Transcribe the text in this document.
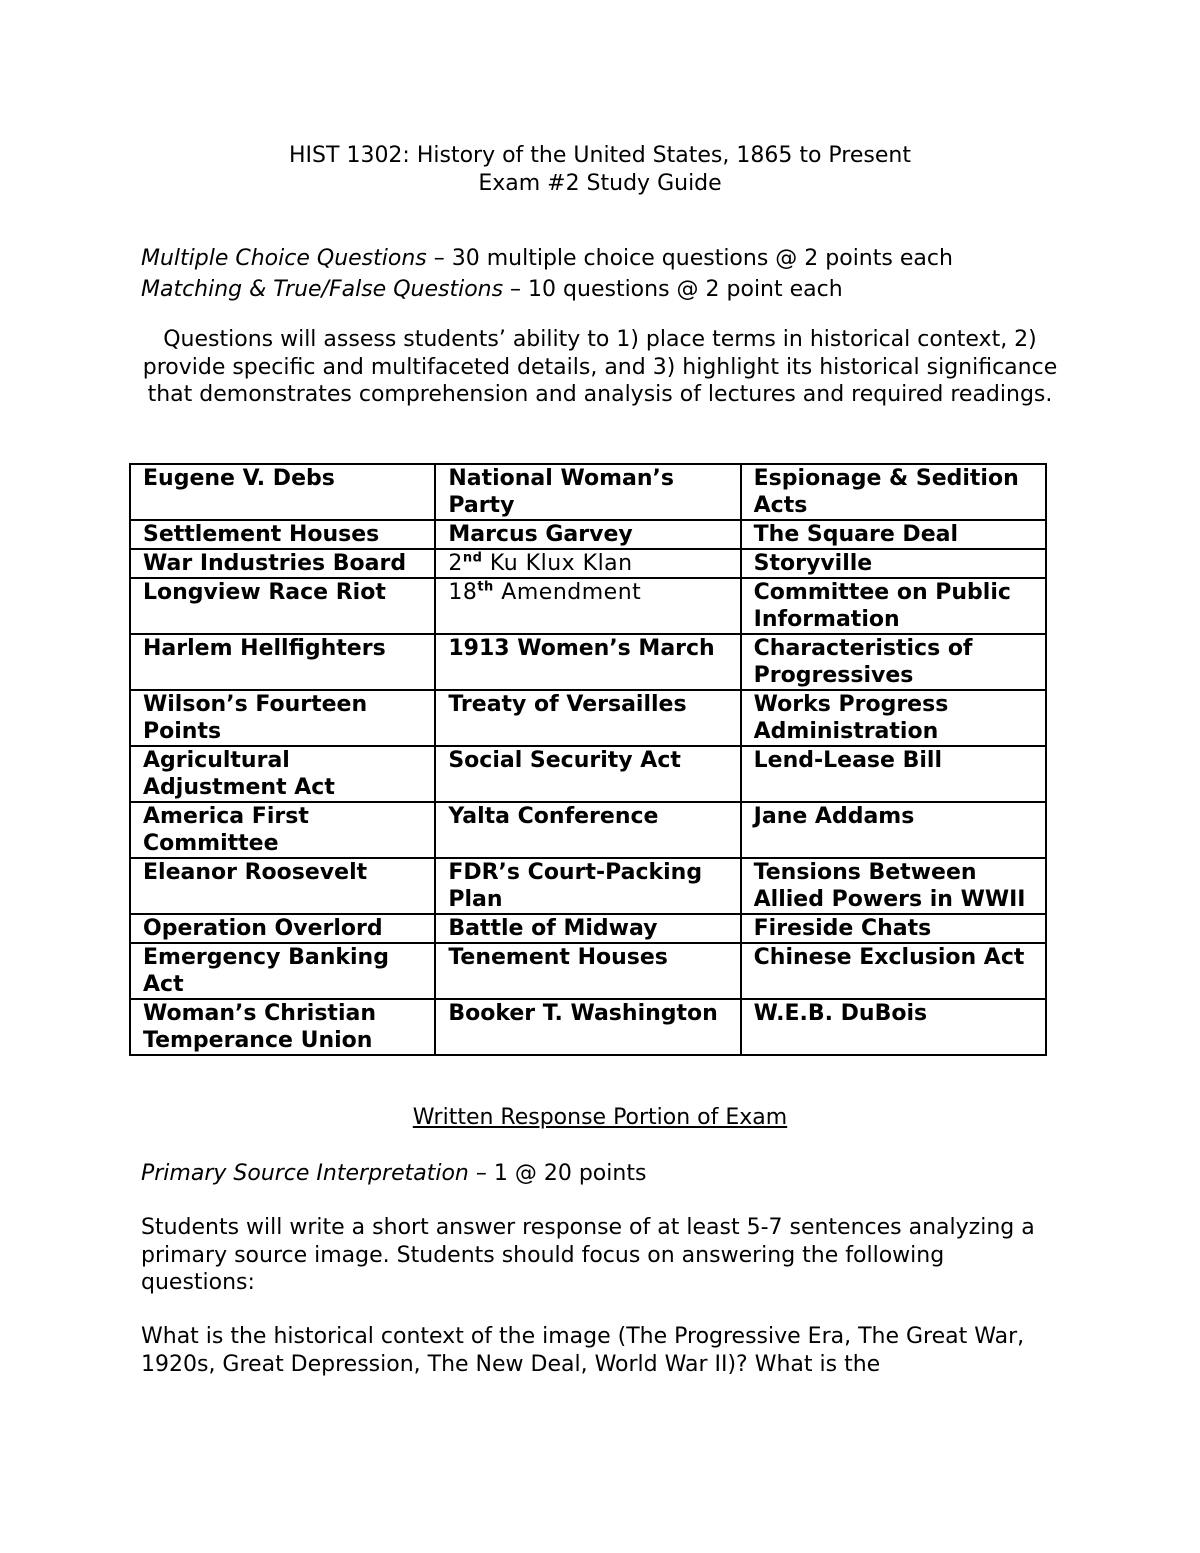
HIST 1302: History of the United States, 1865 to Present
Exam #2 Study Guide
Multiple Choice Questions – 30 multiple choice questions @ 2 points each
Matching & True/False Questions – 10 questions @ 2 point each
Questions will assess students’ ability to 1) place terms in historical context, 2) provide specific and multifaceted details, and 3) highlight its historical significance that demonstrates comprehension and analysis of lectures and required readings.
Eugene V. Debs	National Woman’s Party	Espionage & Sedition Acts
Settlement Houses	Marcus Garvey	The Square Deal
War Industries Board	2nd Ku Klux Klan	Storyville
Longview Race Riot	18th Amendment	Committee on Public Information
Harlem Hellfighters	1913 Women’s March	Characteristics of Progressives
Wilson’s Fourteen Points	Treaty of Versailles	Works Progress Administration
Agricultural Adjustment Act	Social Security Act	Lend-Lease Bill
America First Committee	Yalta Conference	Jane Addams
Eleanor Roosevelt	FDR’s Court-Packing Plan	Tensions Between Allied Powers in WWII
Operation Overlord	Battle of Midway	Fireside Chats
Emergency Banking Act	Tenement Houses	Chinese Exclusion Act
Woman’s Christian Temperance Union	Booker T. Washington	W.E.B. DuBois
Written Response Portion of Exam
Primary Source Interpretation – 1 @ 20 points
Students will write a short answer response of at least 5-7 sentences analyzing a primary source image. Students should focus on answering the following questions:
What is the historical context of the image (The Progressive Era, The Great War, 1920s, Great Depression, The New Deal, World War II)? What is the
